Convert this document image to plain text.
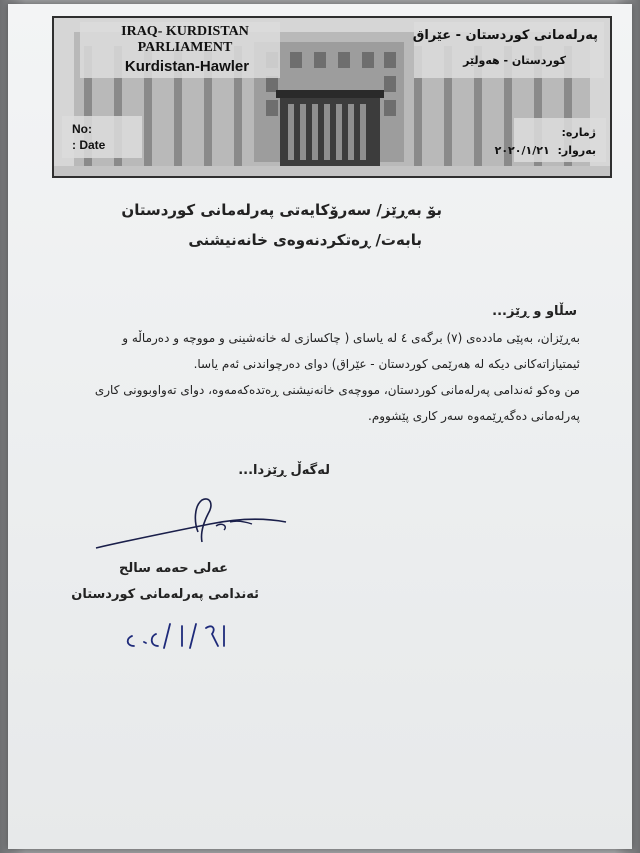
IRAQ- KURDISTAN PARLIAMENT
Kurdistan-Hawler
No:
: Date
پەرلەمانی کوردستان - عێراق
کوردستان - هەولێر
ژمارە:
بەروار: ٢٠٢٠/١/٢١
بۆ بەڕێز/ سەرۆکایەتی پەرلەمانی کوردستان
بابەت/ ڕەتکردنەوەی خانەنیشنی
سڵاو و ڕێز...
بەڕێزان، بەپێی ماددەی (٧) برگەی ٤ لە یاسای ( چاکسازی لە خانەشینی و مووچە و دەرماڵە و
ئیمتیازاتەکانی دیکە لە هەرێمی کوردستان - عێراق) دوای دەرچواندنی ئەم یاسا.
من وەکو ئەندامی پەرلەمانی کوردستان، مووچەی خانەنیشنی ڕەتدەکەمەوە، دوای تەواوبوونی کاری
پەرلەمانی دەگەڕێمەوە سەر کاری پێشووم.
لەگەڵ ڕێزدا...
عەلی حەمە سالح
ئەندامی پەرلەمانی کوردستان
